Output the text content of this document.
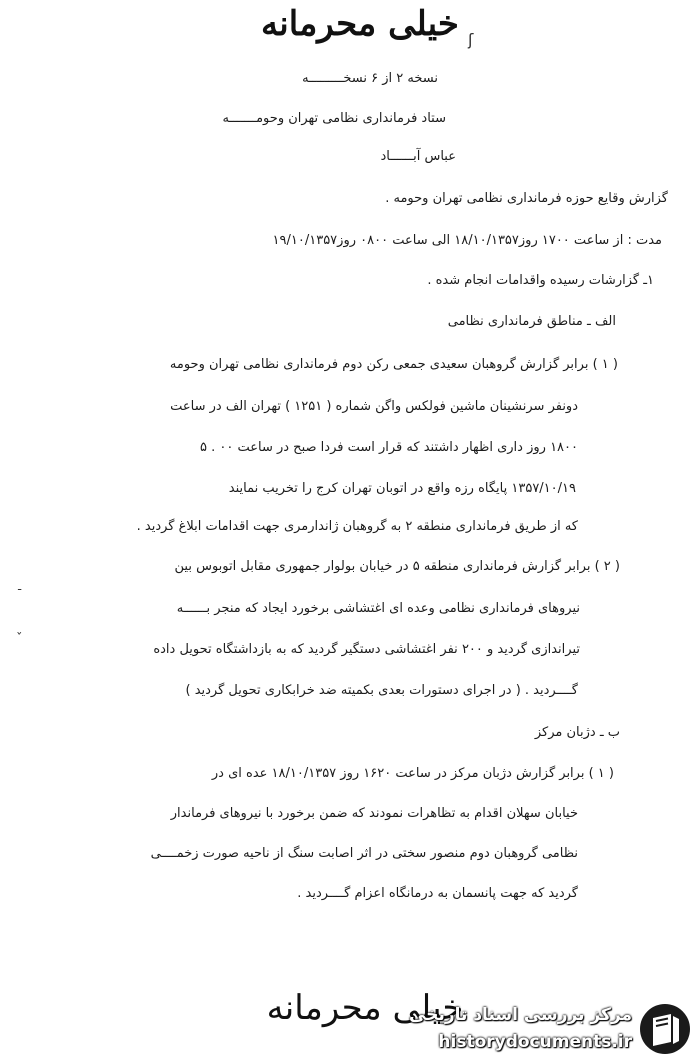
خیلی محرمانه ʃ
نسخه ۲ از ۶ نسخـــــــــه
ستاد فرمانداری نظامی تهران وحومـــــــه
عباس آبــــــاد
گزارش وقایع حوزه فرمانداری نظامی تهران وحومه .
مدت : از ساعت ۱۷۰۰ روز۱۸/۱۰/۱۳۵۷ الی ساعت ۰۸۰۰ روز۱۹/۱۰/۱۳۵۷
۱ـ گزارشات رسیده واقدامات انجام شده .
الف ـ مناطق فرمانداری نظامی
( ۱ ) برابر گزارش گروهبان سعیدی جمعی رکن دوم فرمانداری نظامی تهران وحومه
دونفر سرنشینان ماشین فولکس واگن شماره ( ۱۲۵۱ ) تهران الف در ساعت
۱۸۰۰ روز داری اظهار داشتند که قرار است فردا صبح در ساعت ۰۰ . ۵
۱۳۵۷/۱۰/۱۹ پایگاه رزه واقع در اتوبان تهران کرج را تخریب نمایند
که از طریق فرمانداری منطقه ۲ به گروهبان ژاندارمری جهت اقدامات ابلاغ گردید .
( ۲ ) برابر گزارش فرمانداری منطقه ۵ در خیابان بولوار جمهوری مقابل اتوبوس بین
نیروهای فرمانداری نظامی وعده ای اغتشاشی برخورد ایجاد که منجر بــــــه
تیراندازی گردید و ۲۰۰ نفر اغتشاشی دستگیر گردید که به بازداشتگاه تحویل داده
گــــردید . ( در اجرای دستورات بعدی بکمیته ضد خرابکاری تحویل گردید )
ب ـ دژبان مرکز
( ۱ ) برابر گزارش دژبان مرکز در ساعت ۱۶۲۰ روز ۱۸/۱۰/۱۳۵۷ عده ای در
خیابان سهلان اقدام به تظاهرات نمودند که ضمن برخورد با نیروهای فرماندار
نظامی گروهبان دوم منصور سختی در اثر اصابت سنگ از ناحیه صورت زخمــــی
گردید که جهت پانسمان به درمانگاه اعزام گــــردید .
ـ
ˇ
خیلی محرمانه
مرکز بررسی اسناد تاریخی
historydocuments.ir
